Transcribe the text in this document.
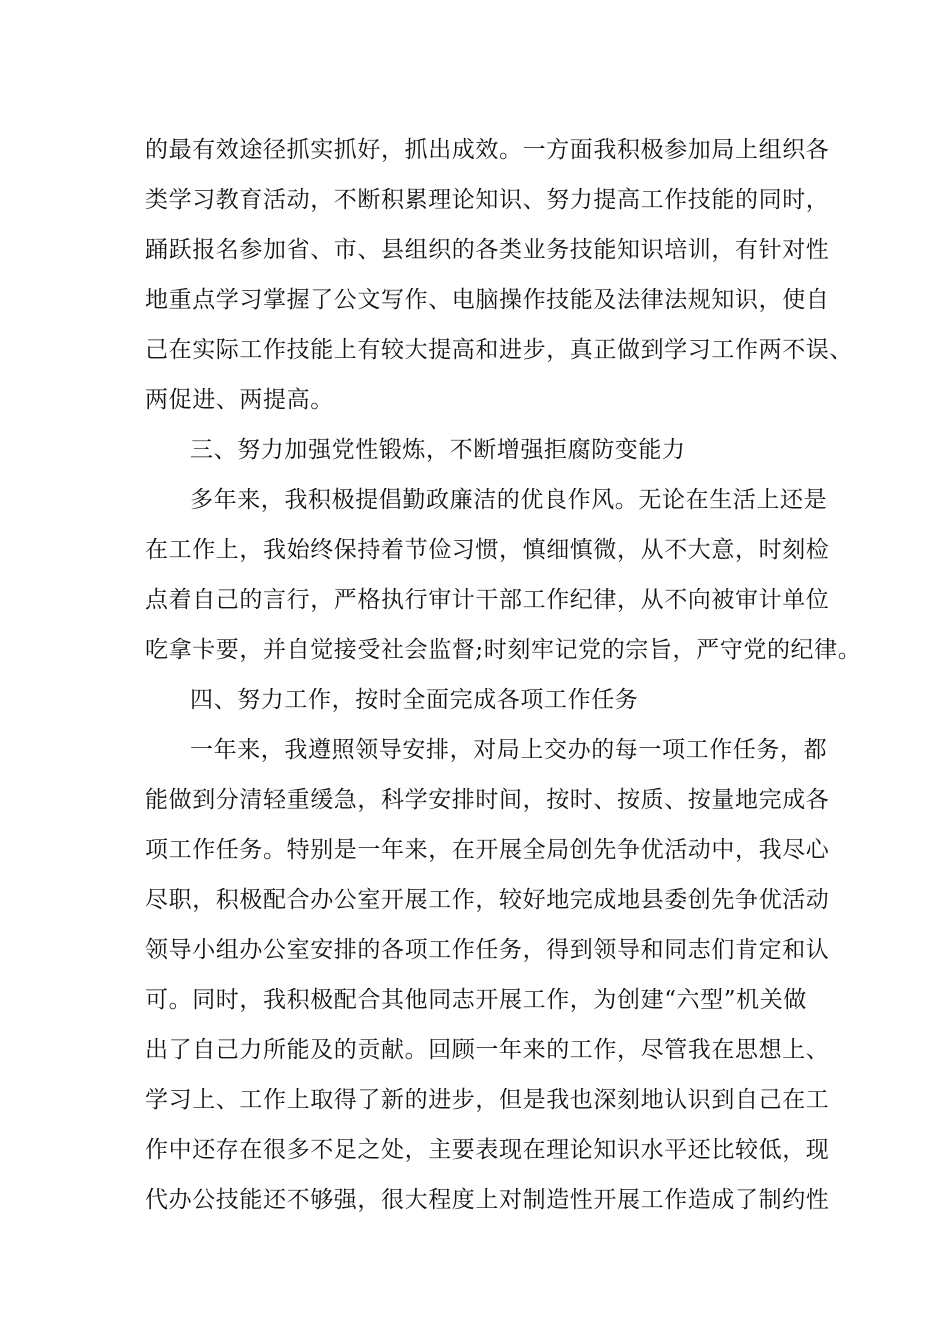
的最有效途径抓实抓好，抓出成效。一方面我积极参加局上组织各
类学习教育活动，不断积累理论知识、努力提高工作技能的同时，
踊跃报名参加省、市、县组织的各类业务技能知识培训，有针对性
地重点学习掌握了公文写作、电脑操作技能及法律法规知识，使自
己在实际工作技能上有较大提高和进步，真正做到学习工作两不误、
两促进、两提高。
三、努力加强党性锻炼，不断增强拒腐防变能力
多年来，我积极提倡勤政廉洁的优良作风。无论在生活上还是
在工作上，我始终保持着节俭习惯，慎细慎微，从不大意，时刻检
点着自己的言行，严格执行审计干部工作纪律，从不向被审计单位
吃拿卡要，并自觉接受社会监督;时刻牢记党的宗旨，严守党的纪律。
四、努力工作，按时全面完成各项工作任务
一年来，我遵照领导安排，对局上交办的每一项工作任务，都
能做到分清轻重缓急，科学安排时间，按时、按质、按量地完成各
项工作任务。特别是一年来，在开展全局创先争优活动中，我尽心
尽职，积极配合办公室开展工作，较好地完成地县委创先争优活动
领导小组办公室安排的各项工作任务，得到领导和同志们肯定和认
可。同时，我积极配合其他同志开展工作，为创建“六型”机关做
出了自己力所能及的贡献。回顾一年来的工作，尽管我在思想上、
学习上、工作上取得了新的进步，但是我也深刻地认识到自己在工
作中还存在很多不足之处，主要表现在理论知识水平还比较低，现
代办公技能还不够强，很大程度上对制造性开展工作造成了制约性
